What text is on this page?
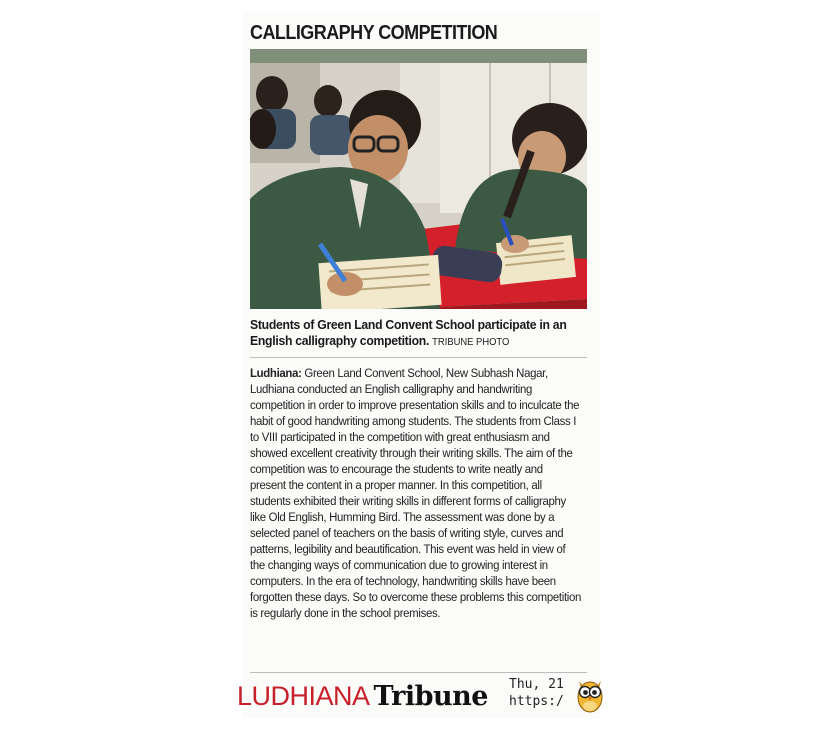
CALLIGRAPHY COMPETITION
Students of Green Land Convent School participate in an English calligraphy competition. TRIBUNE PHOTO

Ludhiana: Green Land Convent School, New Subhash Nagar, Ludhiana conducted an English calligraphy and handwriting competition in order to improve presentation skills and to inculcate the habit of good handwriting among students. The students from Class I to VIII participated in the competition with great enthusiasm and showed excellent creativity through their writing skills. The aim of the competition was to encourage the students to write neatly and present the content in a proper manner. In this competition, all students exhibited their writing skills in different forms of calligraphy like Old English, Humming Bird. The assessment was done by a selected panel of teachers on the basis of writing style, curves and patterns, legibility and beautification. This event was held in view of the changing ways of communication due to growing interest in computers. In the era of technology, handwriting skills have been forgotten these days. So to overcome these problems this competition is regularly done in the school premises.

LUDHIANA Tribune Thu, 21
https:/
